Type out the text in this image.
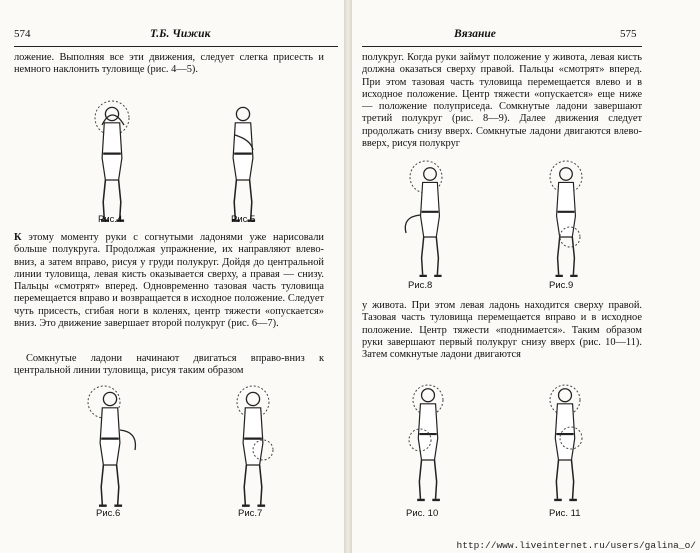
574	Т.Б. Чижик	Вязание	575

ложение. Выполняя все эти движения, следует слегка присесть и немного наклонить туловище (рис. 4—5).

К этому моменту руки с согнутыми ладонями уже нарисовали больше полукруга. Продолжая упражнение, их направляют влево-вниз, а затем вправо, рисуя у груди полукруг. Дойдя до центральной линии туловища, левая кисть оказывается сверху, а правая — снизу. Пальцы «смотрят» вперед. Одновременно тазовая часть туловища перемещается вправо и возвращается в исходное положение. Следует чуть присесть, сгибая ноги в коленях, центр тяжести «опускается» вниз. Это движение завершает второй полукруг (рис. 6—7).

Сомкнутые ладони начинают двигаться вправо-вниз к центральной линии туловища, рисуя таким образом

полукруг. Когда руки займут положение у живота, левая кисть должна оказаться сверху правой. Пальцы «смотрят» вперед. При этом тазовая часть туловища перемещается влево и в исходное положение. Центр тяжести «опускается» еще ниже — положение полуприседа. Сомкнутые ладони завершают третий полукруг (рис. 8—9). Далее движения следует продолжать снизу вверх. Сомкнутые ладони двигаются влево-вверх, рисуя полукруг

у живота. При этом левая ладонь находится сверху правой. Тазовая часть туловища перемещается вправо и в исходное положение. Центр тяжести «поднимается». Таким образом руки завершают первый полукруг снизу вверх (рис. 10—11). Затем сомкнутые ладони двигаются

Рис.4	Рис.5
Рис.6	Рис.7
Рис.8	Рис.9
Рис. 10	Рис. 11
http://www.liveinternet.ru/users/galina_o/
